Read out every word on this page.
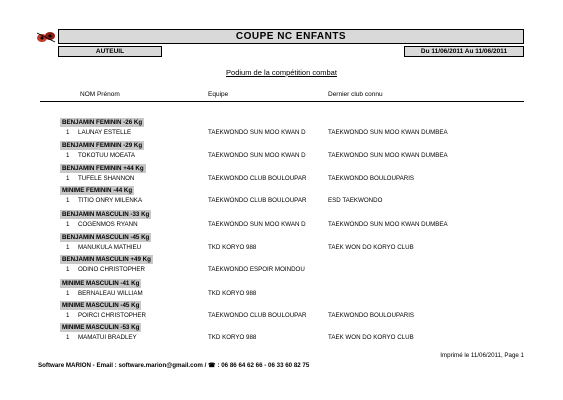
COUPE NC ENFANTS
AUTEUIL	Du 11/06/2011 Au 11/06/2011
Podium de la compétition combat
NOM Prénom	Equipe	Dernier club connu
BENJAMIN FEMININ -26 Kg
1 LAUNAY ESTELLE	TAEKWONDO SUN MOO KWAN D	TAEKWONDO SUN MOO KWAN DUMBEA
BENJAMIN FEMININ -29 Kg
1 TOKOTUU MOEATA	TAEKWONDO SUN MOO KWAN D	TAEKWONDO SUN MOO KWAN DUMBEA
BENJAMIN FEMININ +44 Kg
1 TUFELE SHANNON	TAEKWONDO CLUB BOULOUPAR	TAEKWONDO BOULOUPARIS
MINIME FEMININ -44 Kg
1 TITIO ONRY MILENKA	TAEKWONDO CLUB BOULOUPAR	ESD TAEKWONDO
BENJAMIN MASCULIN -33 Kg
1 COGENMOS RYANN	TAEKWONDO SUN MOO KWAN D	TAEKWONDO SUN MOO KWAN DUMBEA
BENJAMIN MASCULIN -45 Kg
1 MANUKULA MATHIEU	TKD KORYO 988	TAEK WON DO KORYO CLUB
BENJAMIN MASCULIN +49 Kg
1 ODINO CHRISTOPHER	TAEKWONDO ESPOIR MOINDOU
MINIME MASCULIN -41 Kg
1 BERNALEAU WILLIAM	TKD KORYO 988
MINIME MASCULIN -45 Kg
1 POIRCI CHRISTOPHER	TAEKWONDO CLUB BOULOUPAR	TAEKWONDO BOULOUPARIS
MINIME MASCULIN -53 Kg
1 MAMATUI BRADLEY	TKD KORYO 988	TAEK WON DO KORYO CLUB
Imprimé le 11/06/2011, Page 1
Software MARION - Email : software.marion@gmail.com / ☎ : 06 86 64 62 66 - 06 33 60 82 75
